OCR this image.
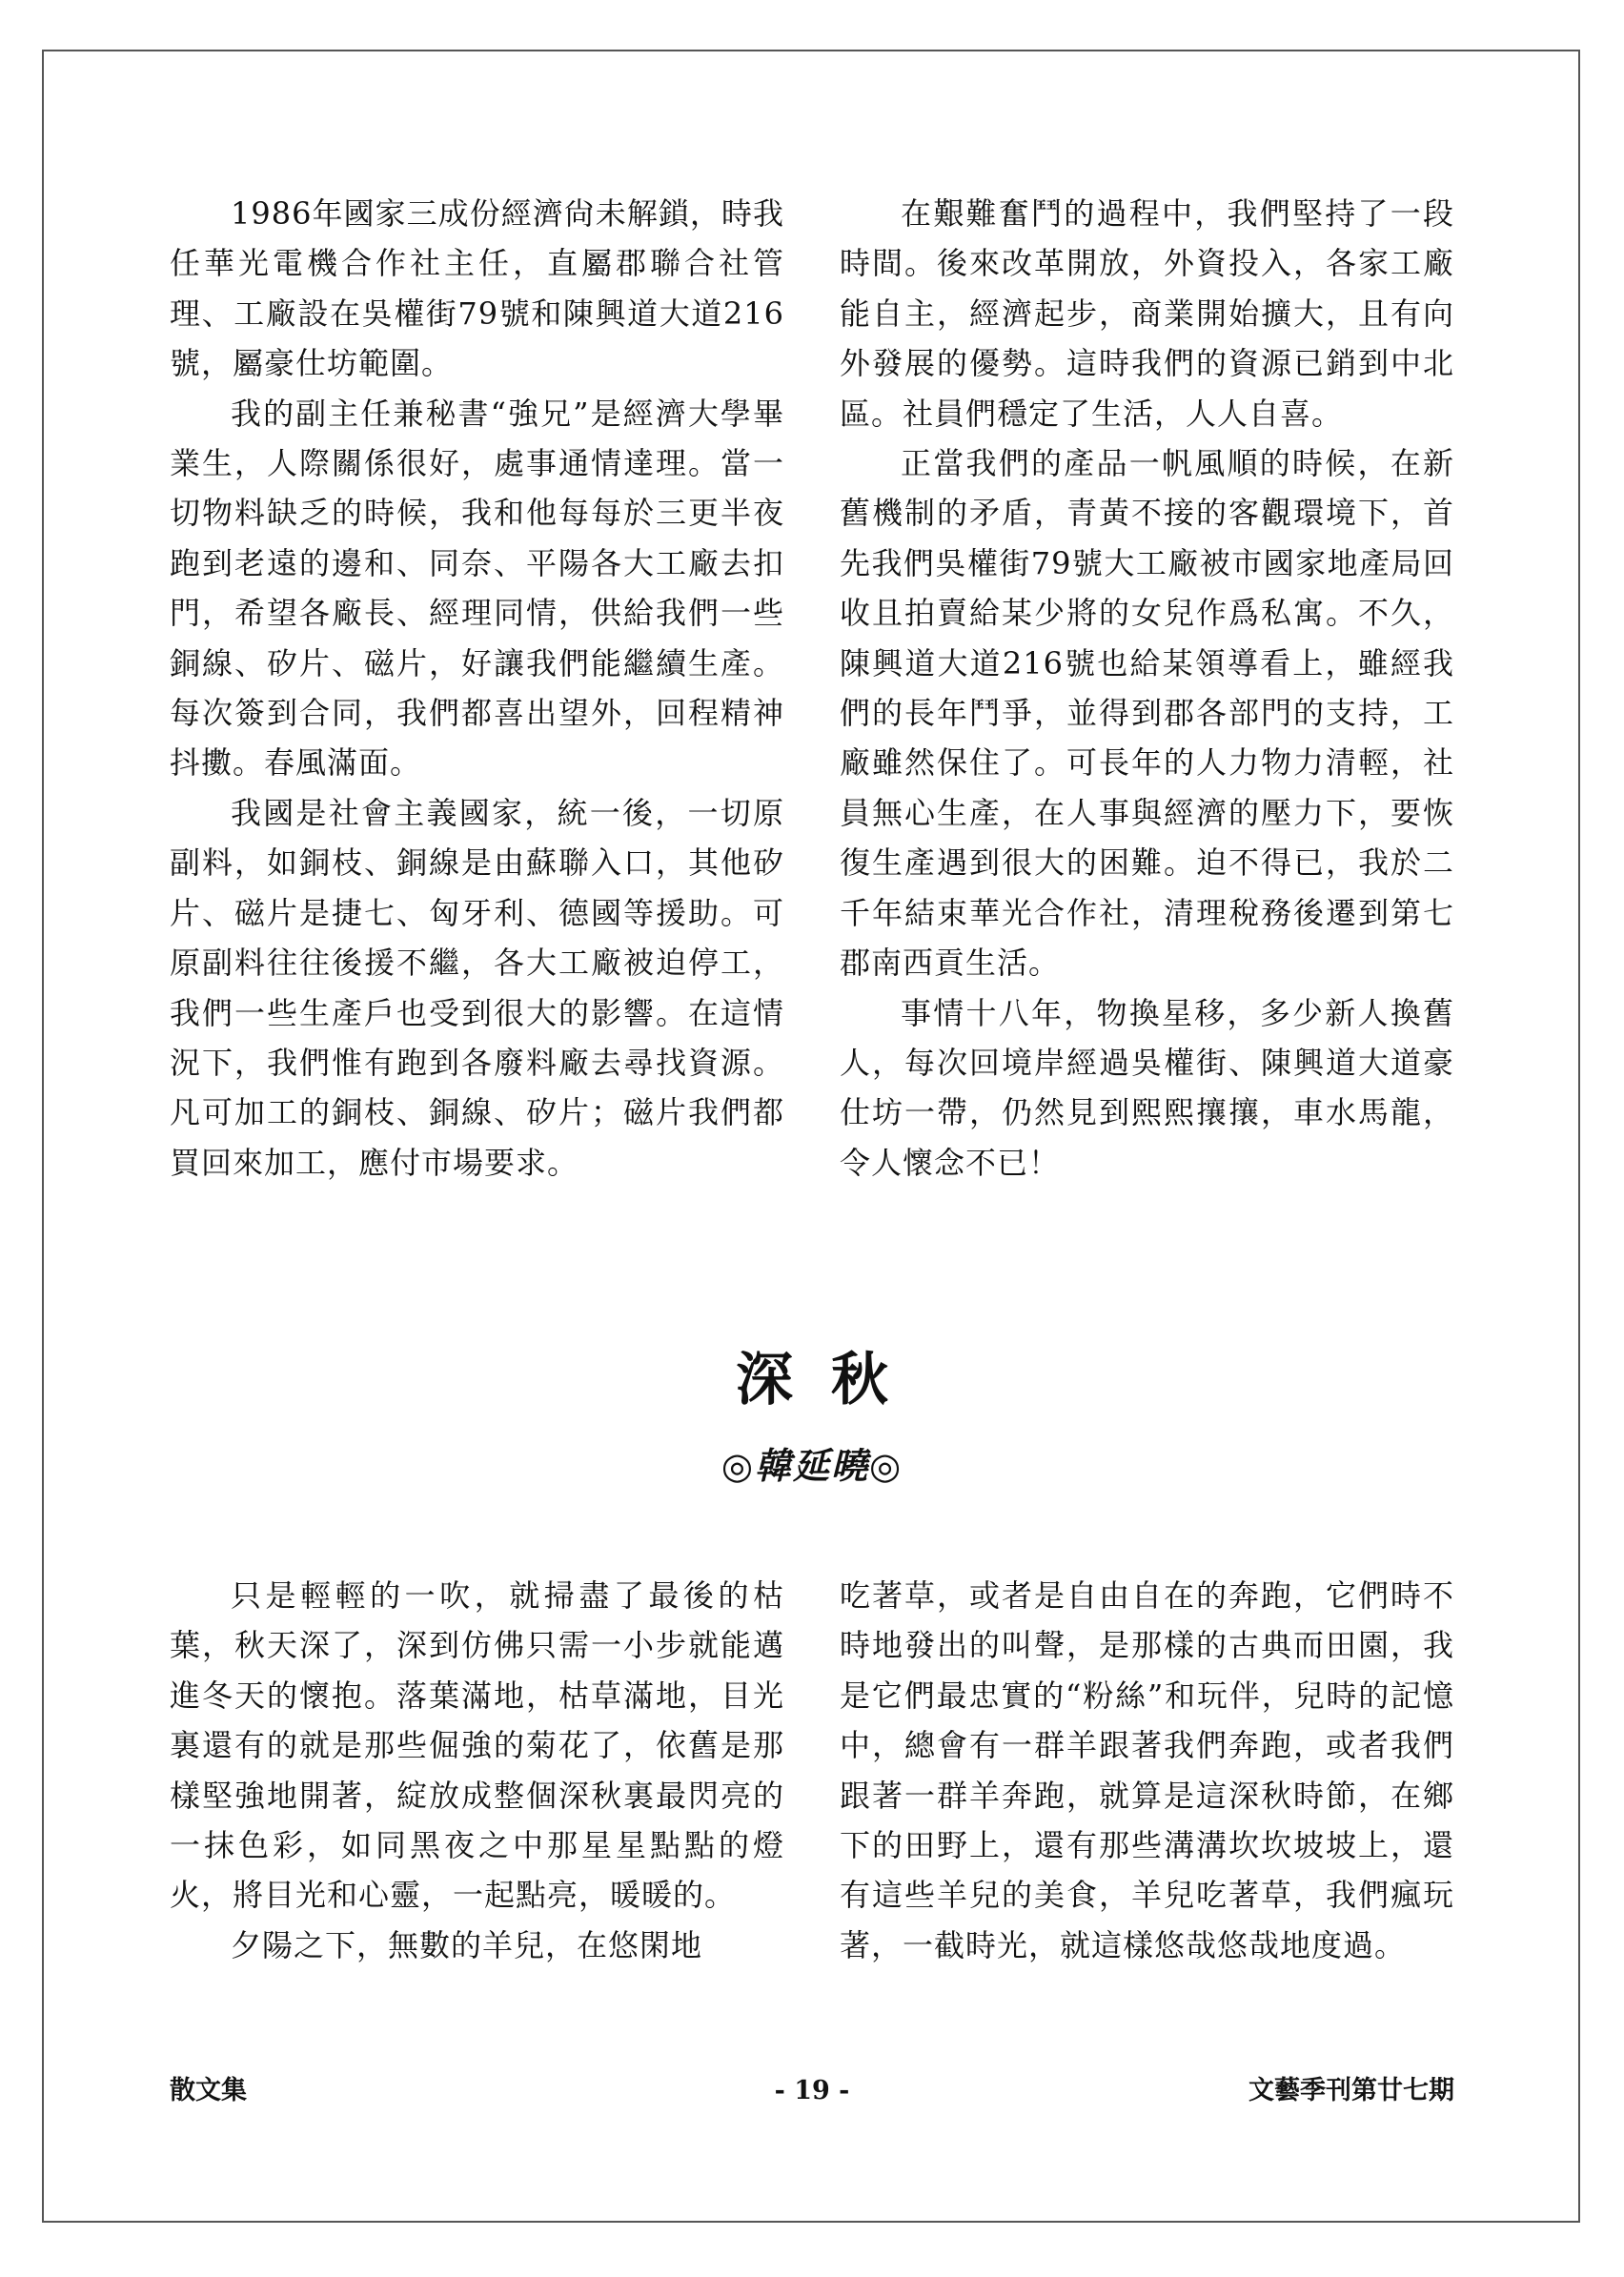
1986年國家三成份經濟尙未解鎖，時我任華光電機合作社主任，直屬郡聯合社管理、工廠設在吳權街79號和陳興道大道216號，屬豪仕坊範圍。

我的副主任兼秘書“強兄”是經濟大學畢業生，人際關係很好，處事通情達理。當一切物料缺乏的時候，我和他每每於三更半夜跑到老遠的邊和、同奈、平陽各大工廠去扣門，希望各廠長、經理同情，供給我們一些銅線、矽片、磁片，好讓我們能繼續生產。每次簽到合同，我們都喜出望外，回程精神抖擻。春風滿面。

我國是社會主義國家，統一後，一切原副料，如銅枝、銅線是由蘇聯入口，其他矽片、磁片是捷七、匈牙利、德國等援助。可原副料往往後援不繼，各大工廠被迫停工，我們一些生產戶也受到很大的影響。在這情況下，我們惟有跑到各廢料廠去尋找資源。凡可加工的銅枝、銅線、矽片；磁片我們都買回來加工，應付市場要求。

在艱難奮鬥的過程中，我們堅持了一段時間。後來改革開放，外資投入，各家工廠能自主，經濟起步，商業開始擴大，且有向外發展的優勢。這時我們的資源已銷到中北區。社員們穩定了生活，人人自喜。

正當我們的產品一帆風順的時候，在新舊機制的矛盾，青黃不接的客觀環境下，首先我們吳權街79號大工廠被市國家地產局回收且拍賣給某少將的女兒作爲私寓。不久，陳興道大道216號也給某領導看上，雖經我們的長年鬥爭，並得到郡各部門的支持，工廠雖然保住了。可長年的人力物力清輕，社員無心生產，在人事與經濟的壓力下，要恢復生產遇到很大的困難。迫不得已，我於二千年結束華光合作社，清理稅務後遷到第七郡南西貢生活。

事情十八年，物換星移，多少新人換舊人，每次回境岸經過吳權街、陳興道大道豪仕坊一帶，仍然見到熙熙攘攘，車水馬龍，令人懷念不已！

深秋
◎韓延曉◎

只是輕輕的一吹，就掃盡了最後的枯葉，秋天深了，深到仿佛只需一小步就能邁進冬天的懷抱。落葉滿地，枯草滿地，目光裏還有的就是那些倔強的菊花了，依舊是那樣堅強地開著，綻放成整個深秋裏最閃亮的一抹色彩，如同黑夜之中那星星點點的燈火，將目光和心靈，一起點亮，暖暖的。

夕陽之下，無數的羊兒，在悠閑地

吃著草，或者是自由自在的奔跑，它們時不時地發出的叫聲，是那樣的古典而田園，我是它們最忠實的“粉絲”和玩伴，兒時的記憶中，總會有一群羊跟著我們奔跑，或者我們跟著一群羊奔跑，就算是這深秋時節，在鄉下的田野上，還有那些溝溝坎坎坡坡上，還有這些羊兒的美食，羊兒吃著草，我們瘋玩著，一截時光，就這樣悠哉悠哉地度過。

散文集	- 19 -	文藝季刊第廿七期
